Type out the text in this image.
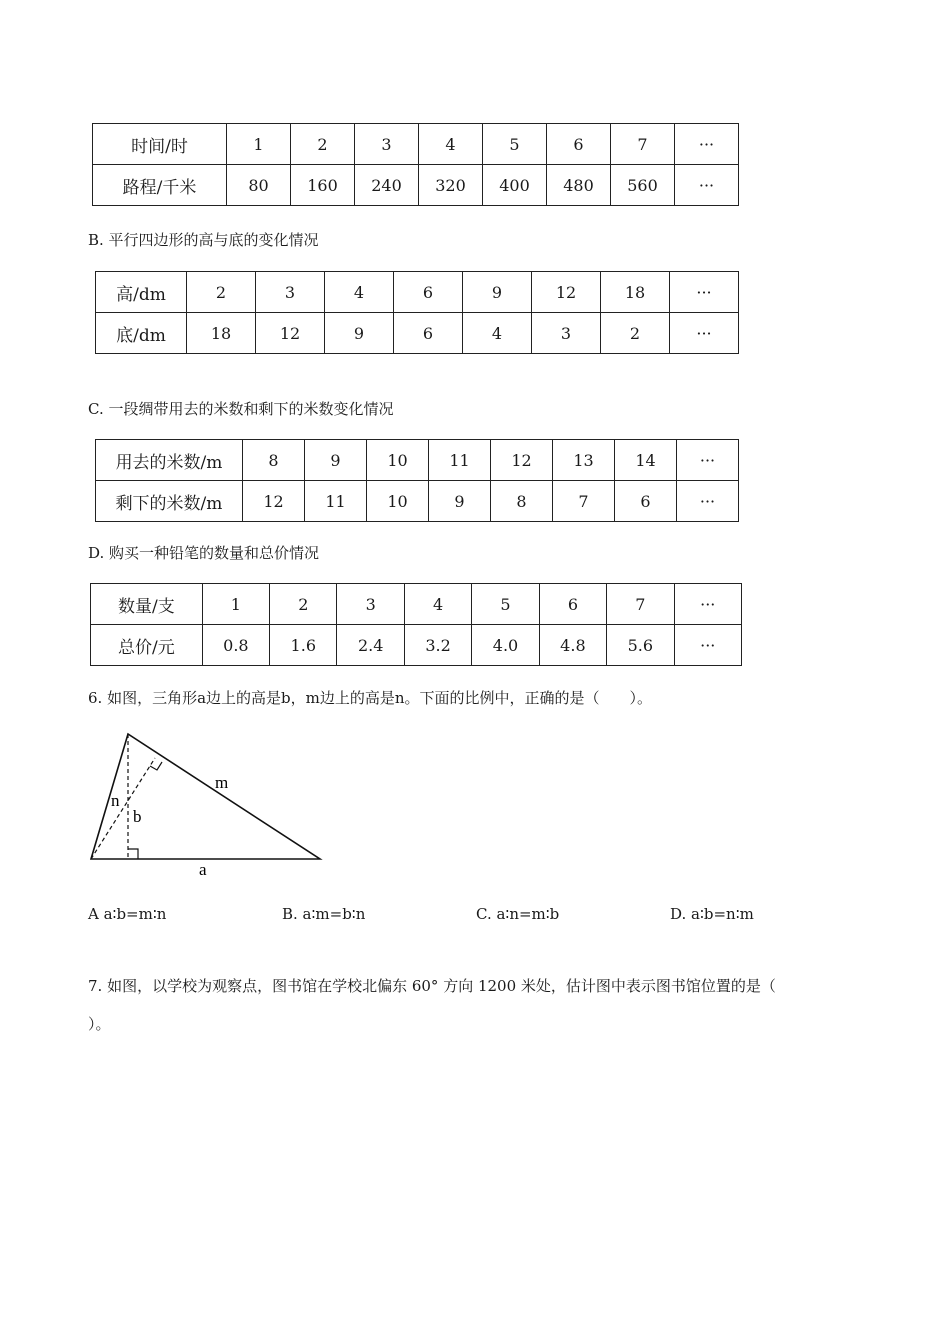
时间/时	1	2	3	4	5	6	7	···
路程/千米	80	160	240	320	400	480	560	···
B. 平行四边形的高与底的变化情况
高/dm	2	3	4	6	9	12	18	···
底/dm	18	12	9	6	4	3	2	···
C. 一段绸带用去的米数和剩下的米数变化情况
用去的米数/m	8	9	10	11	12	13	14	···
剩下的米数/m	12	11	10	9	8	7	6	···
D. 购买一种铅笔的数量和总价情况
数量/支	1	2	3	4	5	6	7	···
总价/元	0.8	1.6	2.4	3.2	4.0	4.8	5.6	···
6. 如图，三角形a边上的高是b，m边上的高是n。下面的比例中，正确的是（　　）。
m
n
b
a
A a∶b=m∶n	B. a∶m=b∶n	C. a∶n=m∶b	D. a∶b=n∶m
7. 如图，以学校为观察点，图书馆在学校北偏东 60° 方向 1200 米处，估计图中表示图书馆位置的是（
）。
